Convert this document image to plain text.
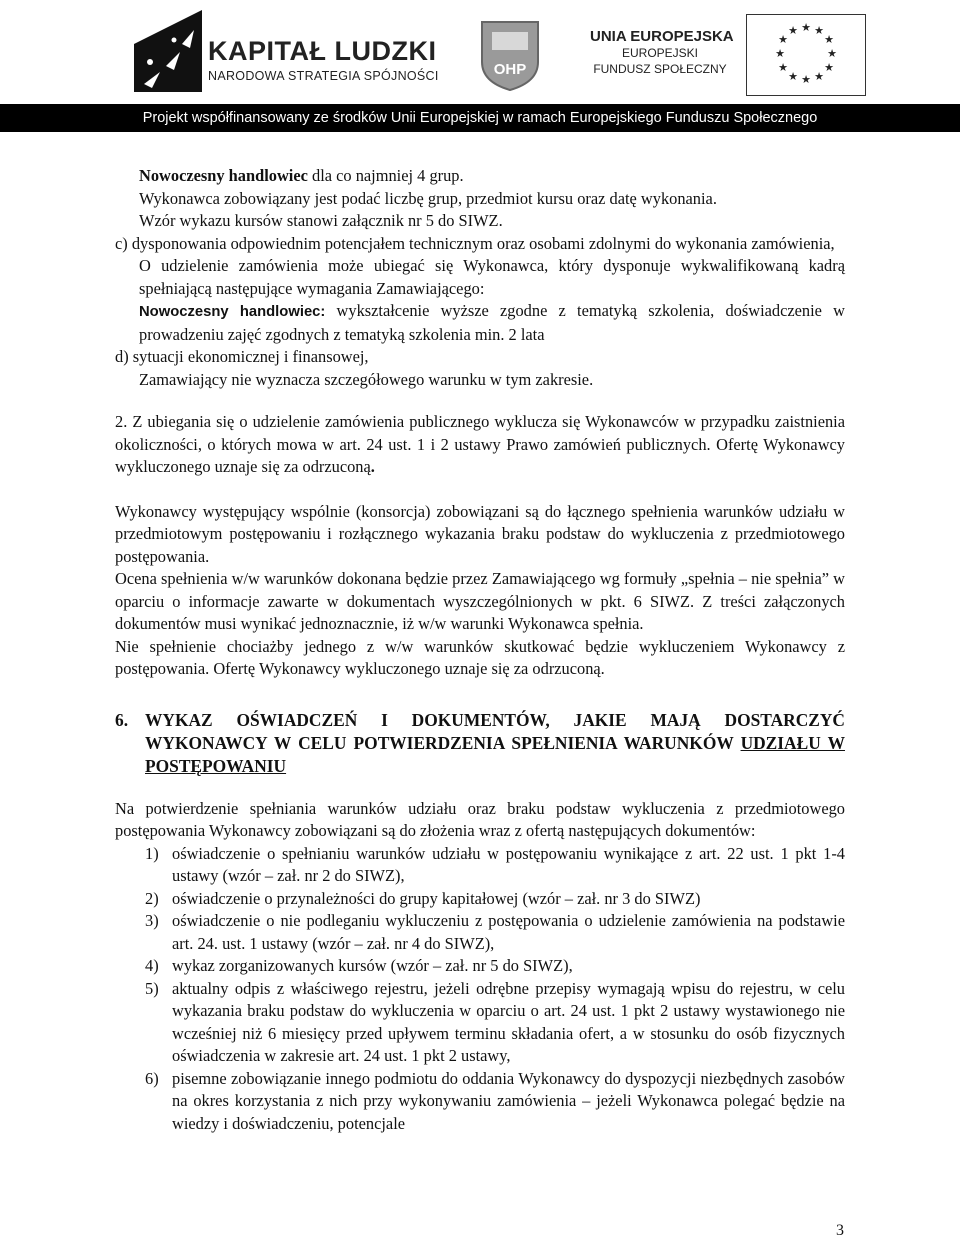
KAPITAŁ LUDZKI
NARODOWA STRATEGIA SPÓJNOŚCI	OHP
UNIA EUROPEJSKA
EUROPEJSKI
FUNDUSZ SPOŁECZNY
★ ★
★
★
★
★
★
★
★
★
★
★
Projekt współfinansowany ze środków Unii Europejskiej w ramach Europejskiego Funduszu Społecznego

Nowoczesny handlowiec dla co najmniej 4 grup.

Wykonawca zobowiązany jest podać liczbę grup, przedmiot kursu oraz datę wykonania.

Wzór wykazu kursów stanowi załącznik nr 5 do SIWZ.

c) dysponowania odpowiednim potencjałem technicznym oraz osobami zdolnymi do wykonania zamówienia,

O udzielenie zamówienia może ubiegać się Wykonawca, który dysponuje wykwalifikowaną kadrą spełniającą następujące wymagania Zamawiającego:

Nowoczesny handlowiec: wykształcenie wyższe zgodne z tematyką szkolenia, doświadczenie w prowadzeniu zajęć zgodnych z tematyką szkolenia min. 2 lata

d) sytuacji ekonomicznej i finansowej,

Zamawiający nie wyznacza szczegółowego warunku w tym zakresie.

2. Z ubiegania się o udzielenie zamówienia publicznego wyklucza się Wykonawców w przypadku zaistnienia okoliczności, o których mowa w art. 24 ust. 1 i 2 ustawy Prawo zamówień publicznych. Ofertę Wykonawcy wykluczonego uznaje się za odrzuconą.

Wykonawcy występujący wspólnie (konsorcja) zobowiązani są do łącznego spełnienia warunków udziału w przedmiotowym postępowaniu i rozłącznego wykazania braku podstaw do wykluczenia z przedmiotowego postępowania.

Ocena spełnienia w/w warunków dokonana będzie przez Zamawiającego wg formuły „spełnia – nie spełnia” w oparciu o informacje zawarte w dokumentach wyszczególnionych w pkt. 6 SIWZ. Z treści załączonych dokumentów musi wynikać jednoznacznie, iż w/w warunki Wykonawca spełnia.

Nie spełnienie chociażby jednego z w/w warunków skutkować będzie wykluczeniem Wykonawcy z postępowania. Ofertę Wykonawcy wykluczonego uznaje się za odrzuconą.

6. WYKAZ OŚWIADCZEŃ I DOKUMENTÓW, JAKIE MAJĄ DOSTARCZYĆ WYKONAWCY W CELU POTWIERDZENIA SPEŁNIENIA WARUNKÓW UDZIAŁU W POSTĘPOWANIU

Na potwierdzenie spełniania warunków udziału oraz braku podstaw wykluczenia z przedmiotowego postępowania Wykonawcy zobowiązani są do złożenia wraz z ofertą następujących dokumentów:

1) oświadczenie o spełnianiu warunków udziału w postępowaniu wynikające z art. 22 ust. 1 pkt 1-4 ustawy (wzór – zał. nr 2 do SIWZ),
2) oświadczenie o przynależności do grupy kapitałowej (wzór – zał. nr 3 do SIWZ)
3) oświadczenie o nie podleganiu wykluczeniu z postępowania o udzielenie zamówienia na podstawie art. 24. ust. 1 ustawy (wzór – zał. nr 4 do SIWZ),
4) wykaz zorganizowanych kursów (wzór – zał. nr 5 do SIWZ),
5) aktualny odpis z właściwego rejestru, jeżeli odrębne przepisy wymagają wpisu do rejestru, w celu wykazania braku podstaw do wykluczenia w oparciu o art. 24 ust. 1 pkt 2 ustawy wystawionego nie wcześniej niż 6 miesięcy przed upływem terminu składania ofert, a w stosunku do osób fizycznych oświadczenia w zakresie art. 24 ust. 1 pkt 2 ustawy,
6) pisemne zobowiązanie innego podmiotu do oddania Wykonawcy do dyspozycji niezbędnych zasobów na okres korzystania z nich przy wykonywaniu zamówienia – jeżeli Wykonawca polegać będzie na wiedzy i doświadczeniu, potencjale
3
